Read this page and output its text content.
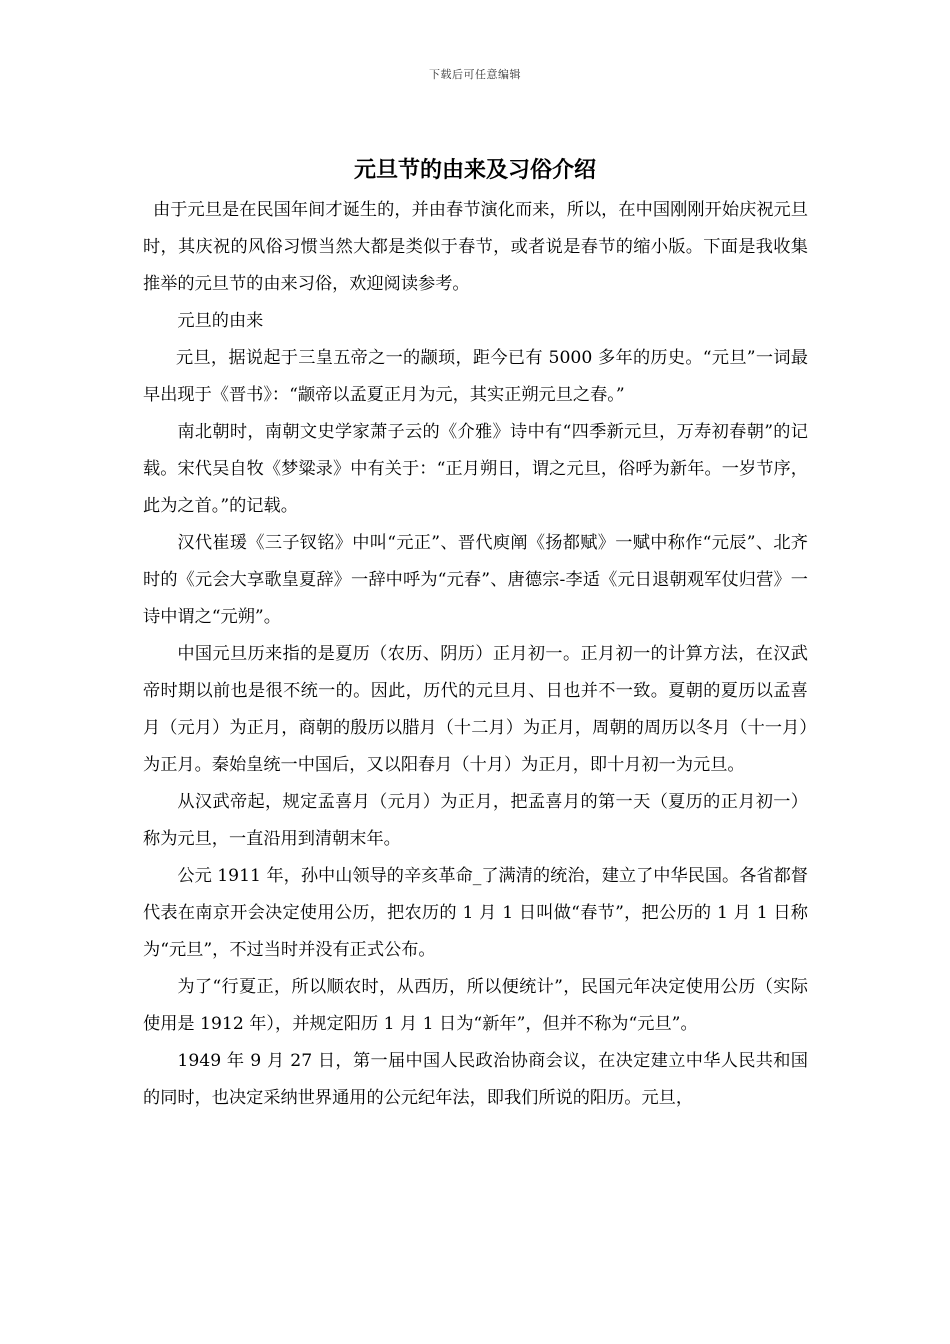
下载后可任意编辑
元旦节的由来及习俗介绍

由于元旦是在民国年间才诞生的，并由春节演化而来，所以，在中国刚刚开始庆祝元旦时，其庆祝的风俗习惯当然大都是类似于春节，或者说是春节的缩小版。下面是我收集推举的元旦节的由来习俗，欢迎阅读参考。

元旦的由来

元旦，据说起于三皇五帝之一的颛顼，距今已有 5000 多年的历史。“元旦”一词最早出现于《晋书》：“颛帝以孟夏正月为元，其实正朔元旦之春。”

南北朝时，南朝文史学家萧子云的《介雅》诗中有“四季新元旦，万寿初春朝”的记载。宋代吴自牧《梦粱录》中有关于：“正月朔日，谓之元旦，俗呼为新年。一岁节序，此为之首。”的记载。

汉代崔瑗《三子钗铭》中叫“元正”、晋代庾阐《扬都赋》一赋中称作“元辰”、北齐时的《元会大享歌皇夏辞》一辞中呼为“元春”、唐德宗-李适《元日退朝观军仗归营》一诗中谓之“元朔”。

中国元旦历来指的是夏历（农历、阴历）正月初一。正月初一的计算方法，在汉武帝时期以前也是很不统一的。因此，历代的元旦月、日也并不一致。夏朝的夏历以孟喜月（元月）为正月，商朝的殷历以腊月（十二月）为正月，周朝的周历以冬月（十一月）为正月。秦始皇统一中国后，又以阳春月（十月）为正月，即十月初一为元旦。

从汉武帝起，规定孟喜月（元月）为正月，把孟喜月的第一天（夏历的正月初一）称为元旦，一直沿用到清朝末年。

公元 1911 年，孙中山领导的辛亥革命_了满清的统治，建立了中华民国。各省都督代表在南京开会决定使用公历，把农历的 1 月 1 日叫做“春节”，把公历的 1 月 1 日称为“元旦”，不过当时并没有正式公布。

为了“行夏正，所以顺农时，从西历，所以便统计”，民国元年决定使用公历（实际使用是 1912 年），并规定阳历 1 月 1 日为“新年”，但并不称为“元旦”。

1949 年 9 月 27 日，第一届中国人民政治协商会议，在决定建立中华人民共和国的同时，也决定采纳世界通用的公元纪年法，即我们所说的阳历。元旦，
